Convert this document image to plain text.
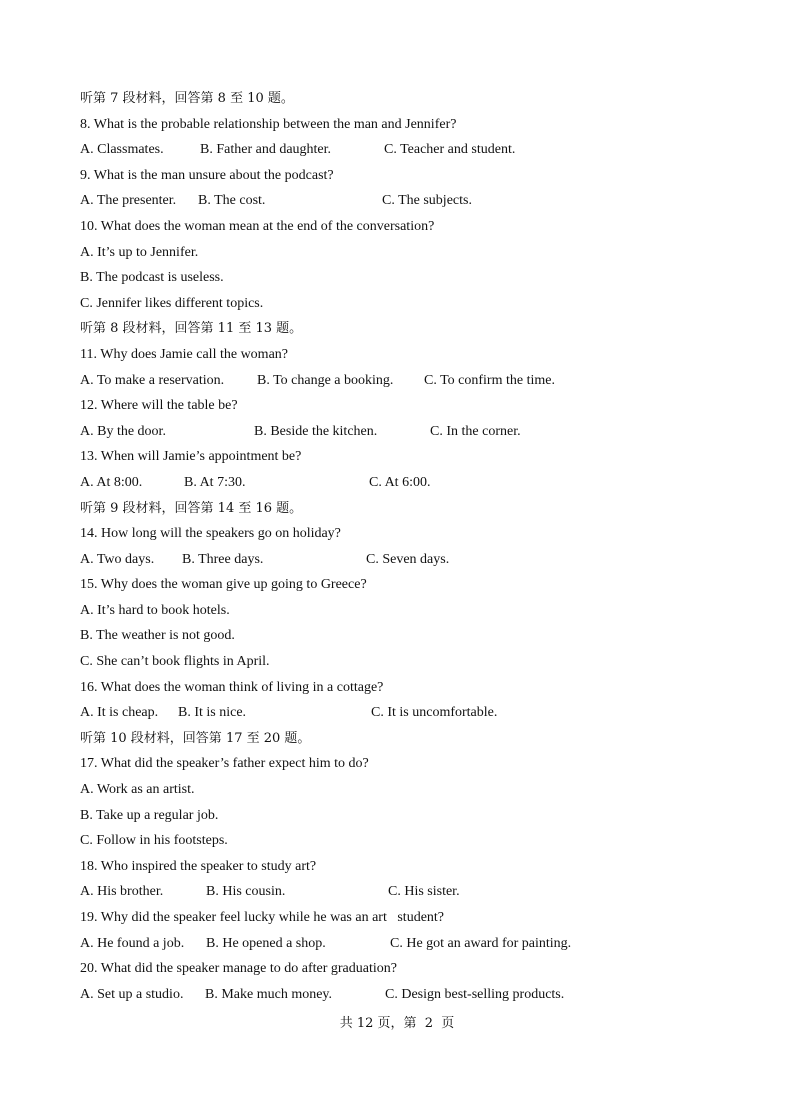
听第 7 段材料，回答第 8 至 10 题。
8. What is the probable relationship between the man and Jennifer?
A. Classmates.	B. Father and daughter.	C. Teacher and student.
9. What is the man unsure about the podcast?
A. The presenter. B. The cost.	C. The subjects.
10. What does the woman mean at the end of the conversation?
A. It’s up to Jennifer.
B. The podcast is useless.
C. Jennifer likes different topics.
听第 8 段材料，回答第 11 至 13 题。
11. Why does Jamie call the woman?
A. To make a reservation. B. To change a booking. C. To confirm the time.
12. Where will the table be?
A. By the door.	B. Beside the kitchen.	C. In the corner.
13. When will Jamie’s appointment be?
A. At 8:00.	B. At 7:30.	C. At 6:00.
听第 9 段材料，回答第 14 至 16 题。
14. How long will the speakers go on holiday?
A. Two days. B. Three days.	C. Seven days.
15. Why does the woman give up going to Greece?
A. It’s hard to book hotels.
B. The weather is not good.
C. She can’t book flights in April.
16. What does the woman think of living in a cottage?
A. It is cheap. B. It is nice.	C. It is uncomfortable.
听第 10 段材料，回答第 17 至 20 题。
17. What did the speaker’s father expect him to do?
A. Work as an artist.
B. Take up a regular job.
C. Follow in his footsteps.
18. Who inspired the speaker to study art?
A. His brother.	B. His cousin.	C. His sister.
19. Why did the speaker feel lucky while he was an art   student?
A. He found a job. B. He opened a shop.	C. He got an award for painting.
20. What did the speaker manage to do after graduation?
A. Set up a studio. B. Make much money.	C. Design best-selling products.
共 12 页，第  2  页
